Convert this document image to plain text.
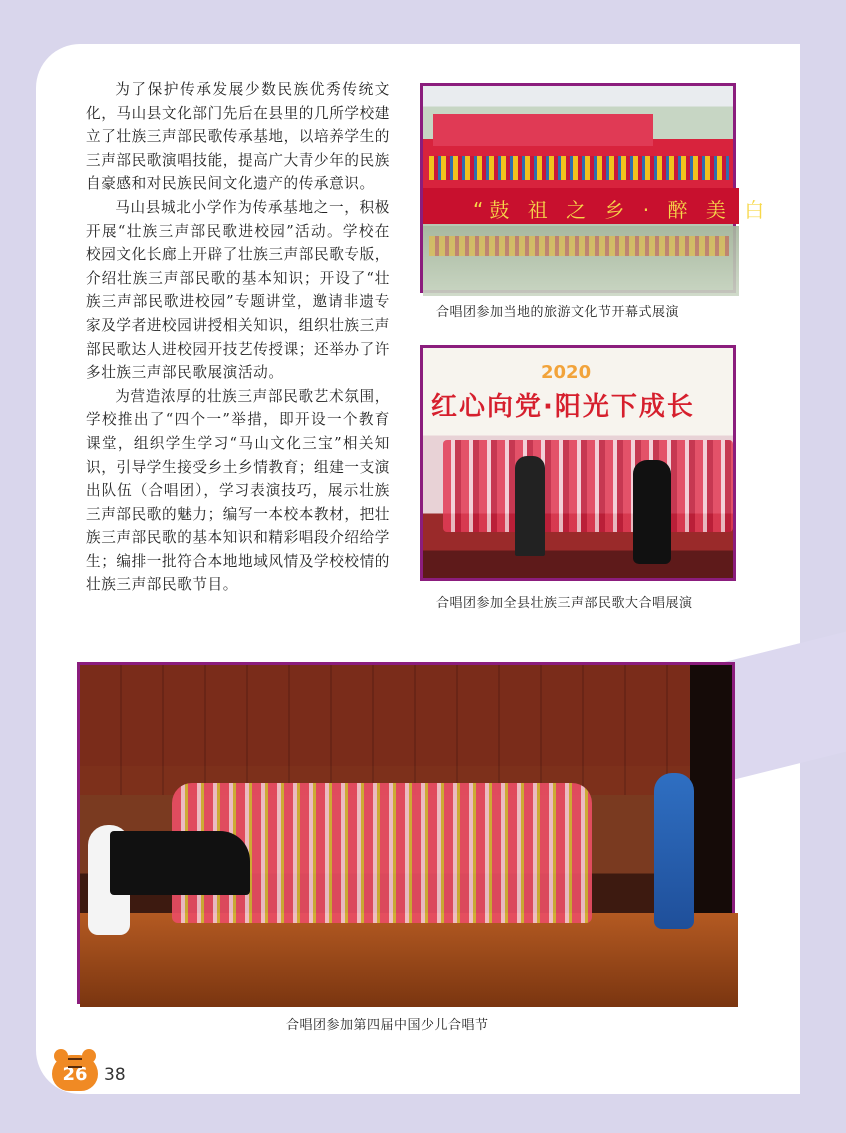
为了保护传承发展少数民族优秀传统文化，马山县文化部门先后在县里的几所学校建立了壮族三声部民歌传承基地，以培养学生的三声部民歌演唱技能，提高广大青少年的民族自豪感和对民族民间文化遗产的传承意识。

马山县城北小学作为传承基地之一，积极开展“壮族三声部民歌进校园”活动。学校在校园文化长廊上开辟了壮族三声部民歌专版，介绍壮族三声部民歌的基本知识；开设了“壮族三声部民歌进校园”专题讲堂，邀请非遗专家及学者进校园讲授相关知识，组织壮族三声部民歌达人进校园开技艺传授课；还举办了许多壮族三声部民歌展演活动。

为营造浓厚的壮族三声部民歌艺术氛围，学校推出了“四个一”举措，即开设一个教育课堂，组织学生学习“马山文化三宝”相关知识，引导学生接受乡土乡情教育；组建一支演出队伍（合唱团），学习表演技巧，展示壮族三声部民歌的魅力；编写一本校本教材，把壮族三声部民歌的基本知识和精彩唱段介绍给学生；编排一批符合本地地域风情及学校校情的壮族三声部民歌节目。

“鼓 祖 之 乡 · 醉 美 白
合唱团参加当地的旅游文化节开幕式展演
2020
红心向党·阳光下成长
合唱团参加全县壮族三声部民歌大合唱展演
合唱团参加第四届中国少儿合唱节
26 38
